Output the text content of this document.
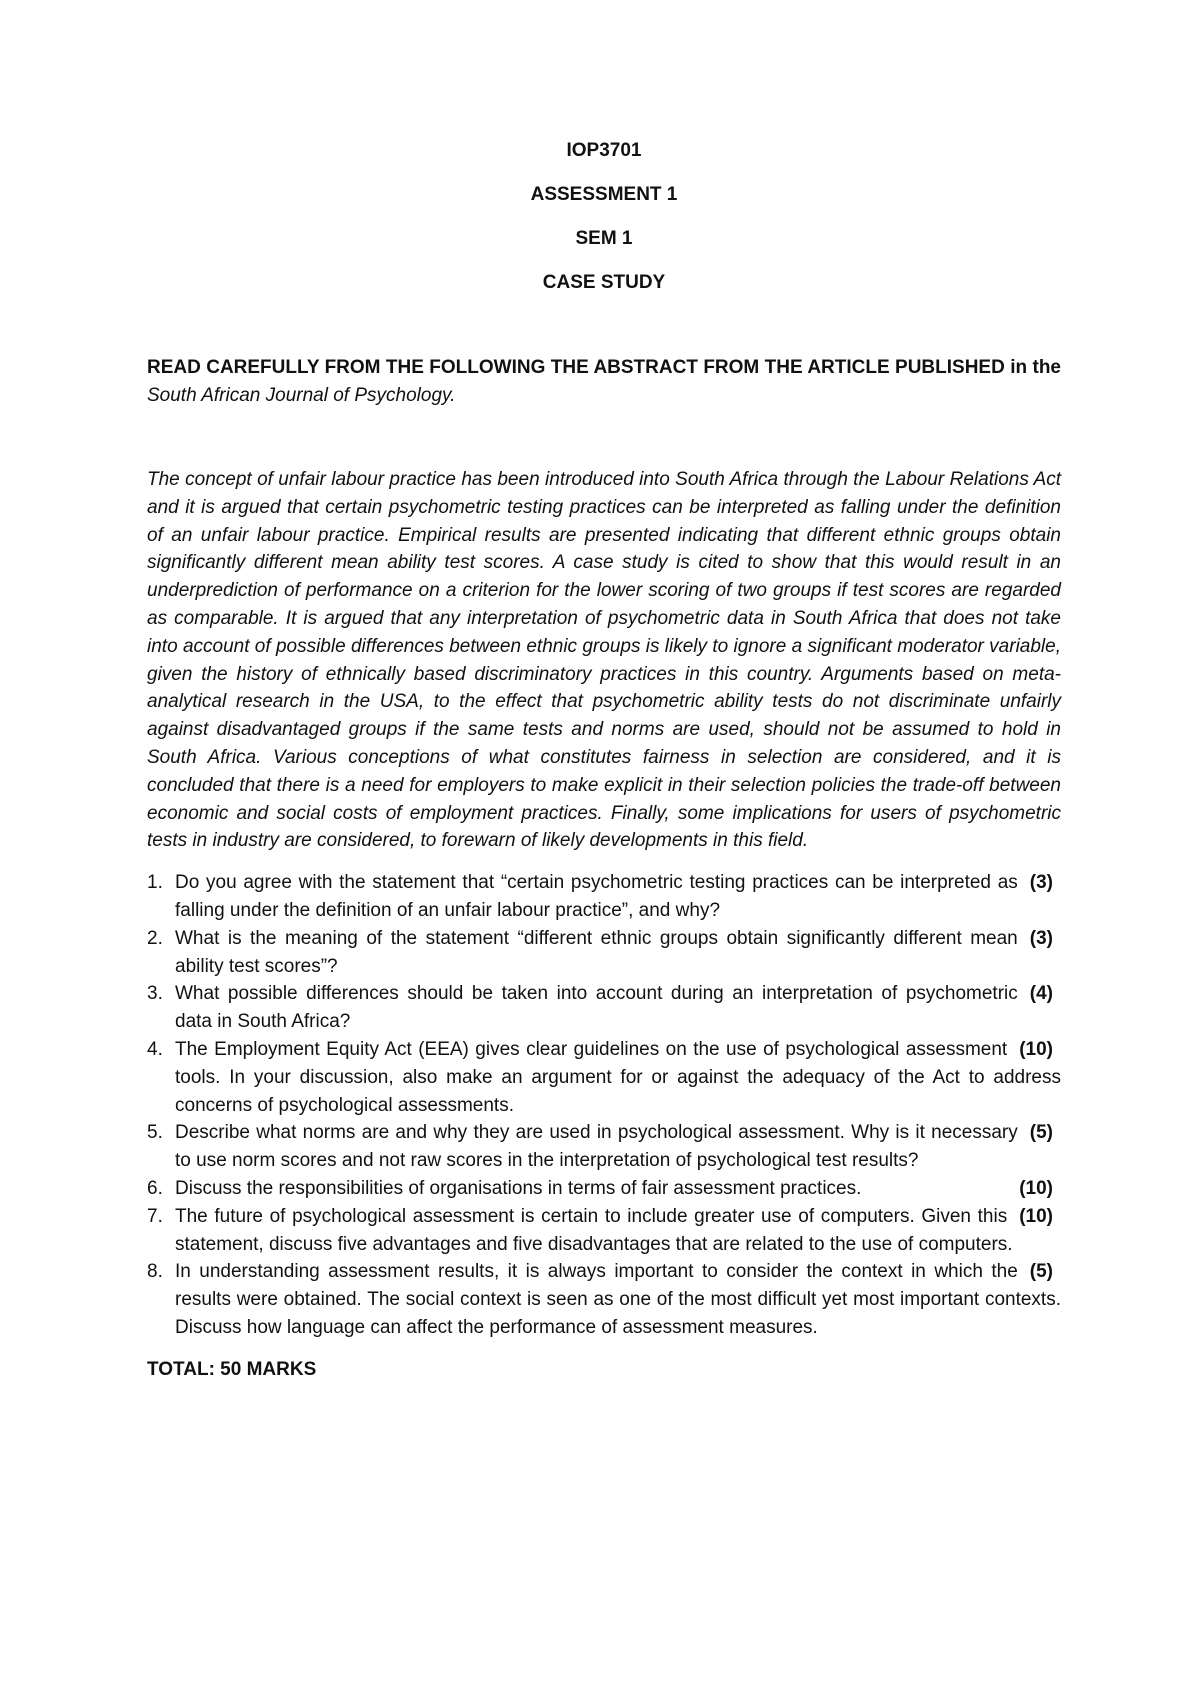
IOP3701
ASSESSMENT 1
SEM 1
CASE STUDY
READ CAREFULLY FROM THE FOLLOWING THE ABSTRACT FROM THE ARTICLE PUBLISHED in the South African Journal of Psychology.
The concept of unfair labour practice has been introduced into South Africa through the Labour Relations Act and it is argued that certain psychometric testing practices can be interpreted as falling under the definition of an unfair labour practice. Empirical results are presented indicating that different ethnic groups obtain significantly different mean ability test scores. A case study is cited to show that this would result in an underprediction of performance on a criterion for the lower scoring of two groups if test scores are regarded as comparable. It is argued that any interpretation of psychometric data in South Africa that does not take into account of possible differences between ethnic groups is likely to ignore a significant moderator variable, given the history of ethnically based discriminatory practices in this country. Arguments based on meta-analytical research in the USA, to the effect that psychometric ability tests do not discriminate unfairly against disadvantaged groups if the same tests and norms are used, should not be assumed to hold in South Africa. Various conceptions of what constitutes fairness in selection are considered, and it is concluded that there is a need for employers to make explicit in their selection policies the trade-off between economic and social costs of employment practices. Finally, some implications for users of psychometric tests in industry are considered, to forewarn of likely developments in this field.
1.	(3)
Do you agree with the statement that “certain psychometric testing practices can be interpreted as falling under the definition of an unfair labour practice”, and why?
2.	(3)
What is the meaning of the statement “different ethnic groups obtain significantly different mean ability test scores”?
3.	(4)
What possible differences should be taken into account during an interpretation of psychometric data in South Africa?
4.	(10)
The Employment Equity Act (EEA) gives clear guidelines on the use of psychological assessment tools. In your discussion, also make an argument for or against the adequacy of the Act to address concerns of psychological assessments.
5.	(5)
Describe what norms are and why they are used in psychological assessment. Why is it necessary to use norm scores and not raw scores in the interpretation of psychological test results?
6.	(10)
Discuss the responsibilities of organisations in terms of fair assessment practices.
7.	(10)
The future of psychological assessment is certain to include greater use of computers. Given this statement, discuss five advantages and five disadvantages that are related to the use of computers.
8.	(5)
In understanding assessment results, it is always important to consider the context in which the results were obtained. The social context is seen as one of the most difficult yet most important contexts. Discuss how language can affect the performance of assessment measures.
TOTAL: 50 MARKS
